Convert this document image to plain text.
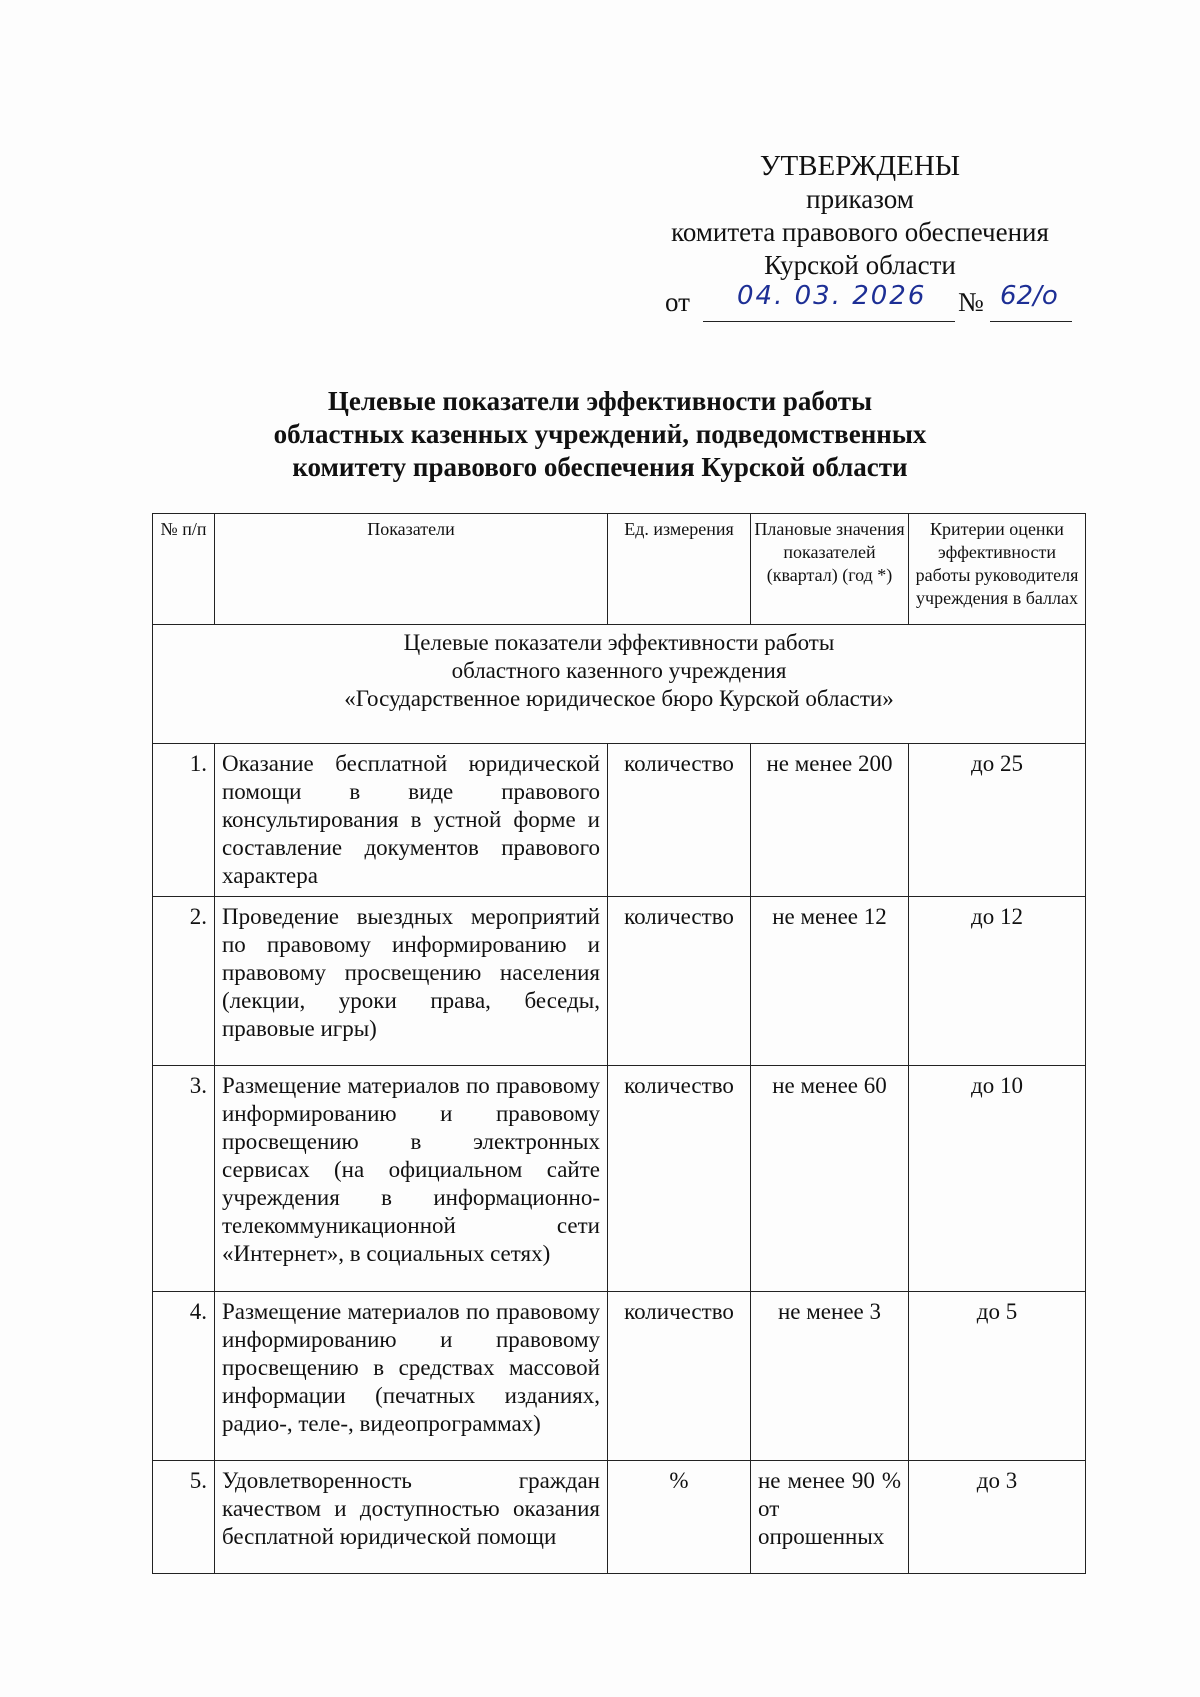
УТВЕРЖДЕНЫ
приказом
комитета правового обеспечения
Курской области
от 04. 03. 2026 № 62/о
Целевые показатели эффективности работы
областных казенных учреждений, подведомственных
комитету правового обеспечения Курской области
№ п/п	Показатели	Ед. измерения	Плановые значения показателей (квартал) (год *)	Критерии оценки эффективности работы руководителя учреждения в баллах

Целевые показатели эффективности работы
областного казенного учреждения
«Государственное юридическое бюро Курской области»				

1.	Оказание бесплатной юридической помощи в виде правового консультирования в устной форме и составление документов правового характера	количество	не менее 200	до 25
2.	Проведение выездных мероприятий по правовому информированию и правовому просвещению населения (лекции, уроки права, беседы, правовые игры)	количество	не менее 12	до 12
3.	Размещение материалов по правовому информированию и правовому просвещению в электронных сервисах (на официальном сайте учреждения в информационно-телекоммуникационной сети «Интернет», в социальных сетях)	количество	не менее 60	до 10
4.	Размещение материалов по правовому информированию и правовому просвещению в средствах массовой информации (печатных изданиях, радио-, теле-, видеопрограммах)	количество	не менее 3	до 5
5.	Удовлетворенность граждан качеством и доступностью оказания бесплатной юридической помощи	%	не менее 90 % от опрошенных	до 3
